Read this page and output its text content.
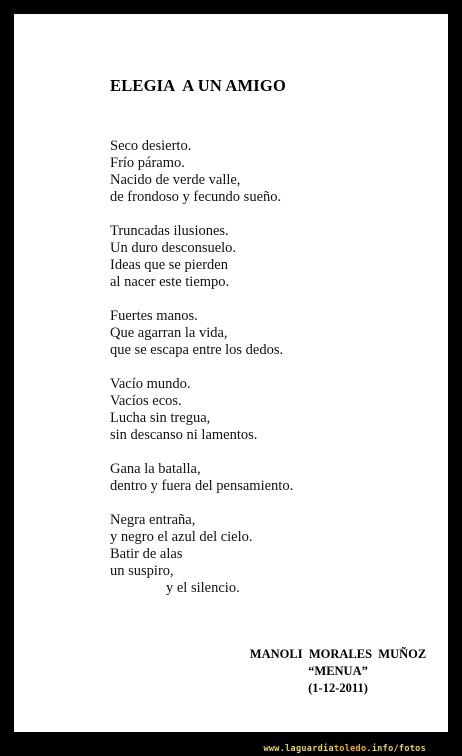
ELEGIA  A UN AMIGO
Seco desierto.
Frío páramo.
Nacido de verde valle,
de frondoso y fecundo sueño.
Truncadas ilusiones.
Un duro desconsuelo.
Ideas que se pierden
al nacer este tiempo.
Fuertes manos.
Que agarran la vida,
que se escapa entre los dedos.
Vacío mundo.
Vacíos ecos.
Lucha sin tregua,
sin descanso ni lamentos.
Gana la batalla,
dentro y fuera del pensamiento.
Negra entraña,
y negro el azul del cielo.
Batir de alas
un suspiro,
y el silencio.
MANOLI  MORALES  MUÑOZ
“MENUA”
(1-12-2011)
www.laguardiatoledo.info/fotos
